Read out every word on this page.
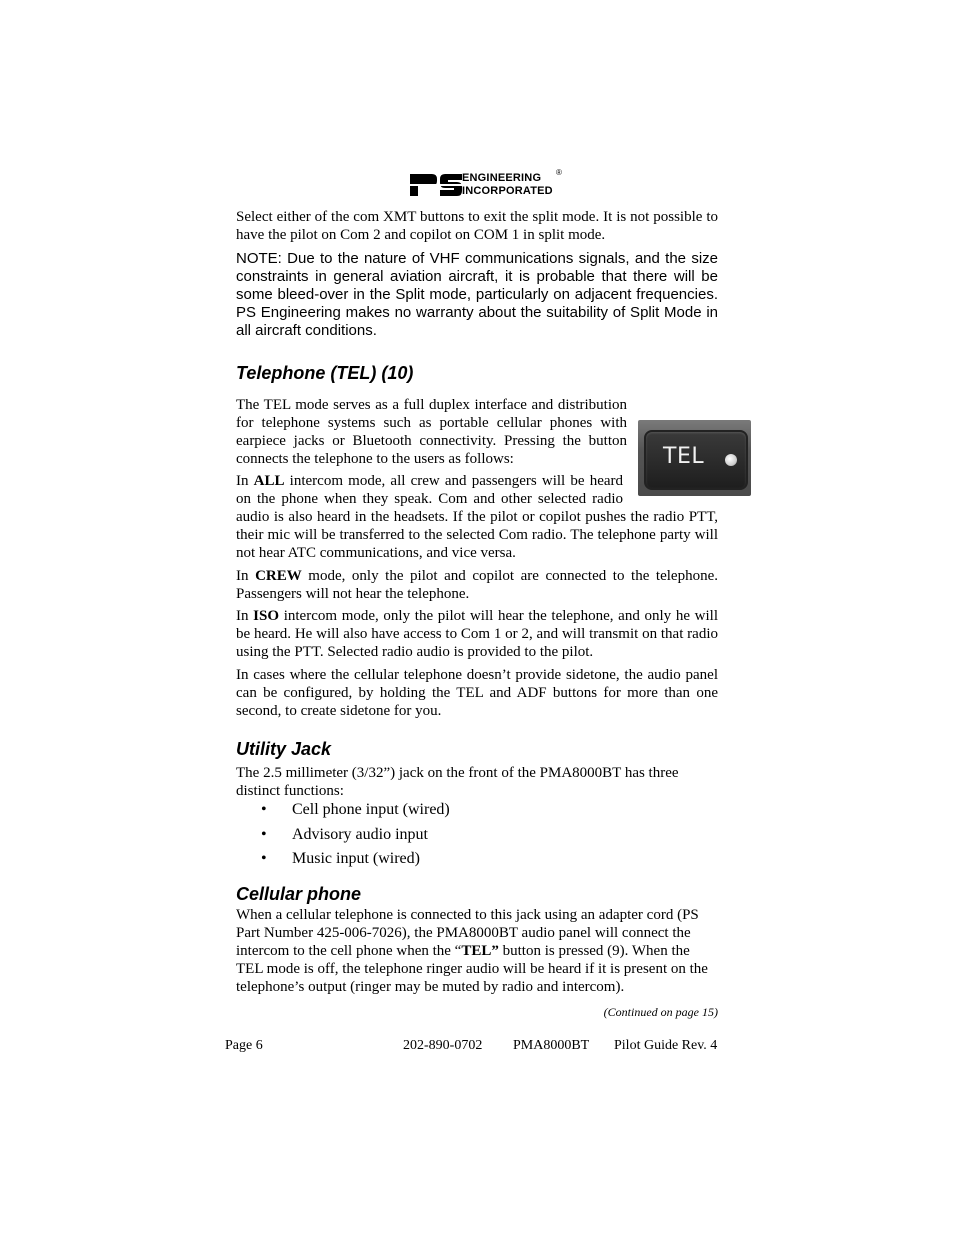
ENGINEERING
INCORPORATED
®

Select either of the com XMT buttons to exit the split mode. It is not possible to have the pilot on Com 2 and copilot on COM 1 in split mode.

NOTE: Due to the nature of VHF communications signals, and the size constraints in general aviation aircraft, it is probable that there will be some bleed-over in the Split mode, particularly on adjacent frequencies. PS Engineering makes no warranty about the suitability of Split Mode in all aircraft conditions.

Telephone (TEL) (10)

The TEL mode serves as a full duplex interface and distribution for telephone systems such as portable cellular phones with earpiece jacks or Bluetooth connectivity. Pressing the button connects the telephone to the users as follows:	TEL

In ALL intercom mode, all crew and passengers will be heard on the phone when they speak. Com and other selected radio audio is also heard in the headsets. If the pilot or copilot pushes the radio PTT, their mic will be transferred to the selected Com radio. The telephone party will not hear ATC communications, and vice versa.

In CREW mode, only the pilot and copilot are connected to the telephone. Passengers will not hear the telephone.

In ISO intercom mode, only the pilot will hear the telephone, and only he will be heard. He will also have access to Com 1 or 2, and will transmit on that radio using the PTT. Selected radio audio is provided to the pilot.

In cases where the cellular telephone doesn’t provide sidetone, the audio panel can be configured, by holding the TEL and ADF buttons for more than one second, to create sidetone for you.

Utility Jack

The 2.5 millimeter (3/32”) jack on the front of the PMA8000BT has three distinct functions:

• Cell phone input (wired)
• Advisory audio input
• Music input (wired)
Cellular phone

When a cellular telephone is connected to this jack using an adapter cord (PS Part Number 425-006-7026), the PMA8000BT audio panel will connect the intercom to the cell phone when the “TEL” button is pressed (9). When the TEL mode is off, the telephone ringer audio will be heard if it is present on the telephone’s output (ringer may be muted by radio and intercom).

(Continued on page 15)

Page 6	202-890-0702 PMA8000BT Pilot Guide Rev. 4
